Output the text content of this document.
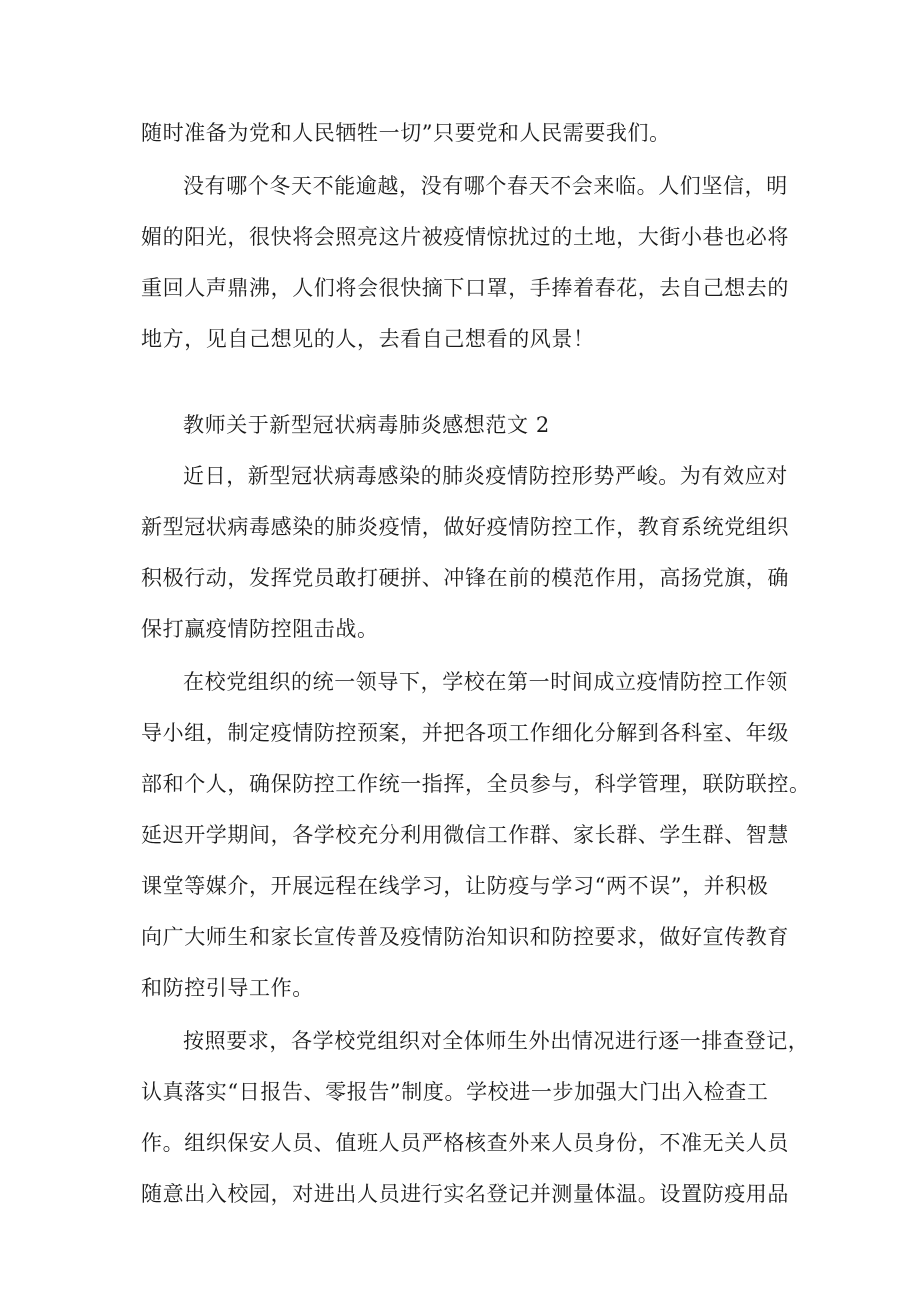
随时准备为党和人民牺牲一切”只要党和人民需要我们。
没有哪个冬天不能逾越，没有哪个春天不会来临。人们坚信，明
媚的阳光，很快将会照亮这片被疫情惊扰过的土地，大街小巷也必将
重回人声鼎沸，人们将会很快摘下口罩，手捧着春花，去自己想去的
地方，见自己想见的人，去看自己想看的风景！
教师关于新型冠状病毒肺炎感想范文 2
近日，新型冠状病毒感染的肺炎疫情防控形势严峻。为有效应对
新型冠状病毒感染的肺炎疫情，做好疫情防控工作，教育系统党组织
积极行动，发挥党员敢打硬拼、冲锋在前的模范作用，高扬党旗，确
保打赢疫情防控阻击战。
在校党组织的统一领导下，学校在第一时间成立疫情防控工作领
导小组，制定疫情防控预案，并把各项工作细化分解到各科室、年级
部和个人，确保防控工作统一指挥，全员参与，科学管理，联防联控。
延迟开学期间，各学校充分利用微信工作群、家长群、学生群、智慧
课堂等媒介，开展远程在线学习，让防疫与学习“两不误”，并积极
向广大师生和家长宣传普及疫情防治知识和防控要求，做好宣传教育
和防控引导工作。
按照要求，各学校党组织对全体师生外出情况进行逐一排查登记，
认真落实“日报告、零报告”制度。学校进一步加强大门出入检查工
作。组织保安人员、值班人员严格核查外来人员身份，不准无关人员
随意出入校园，对进出人员进行实名登记并测量体温。设置防疫用品
